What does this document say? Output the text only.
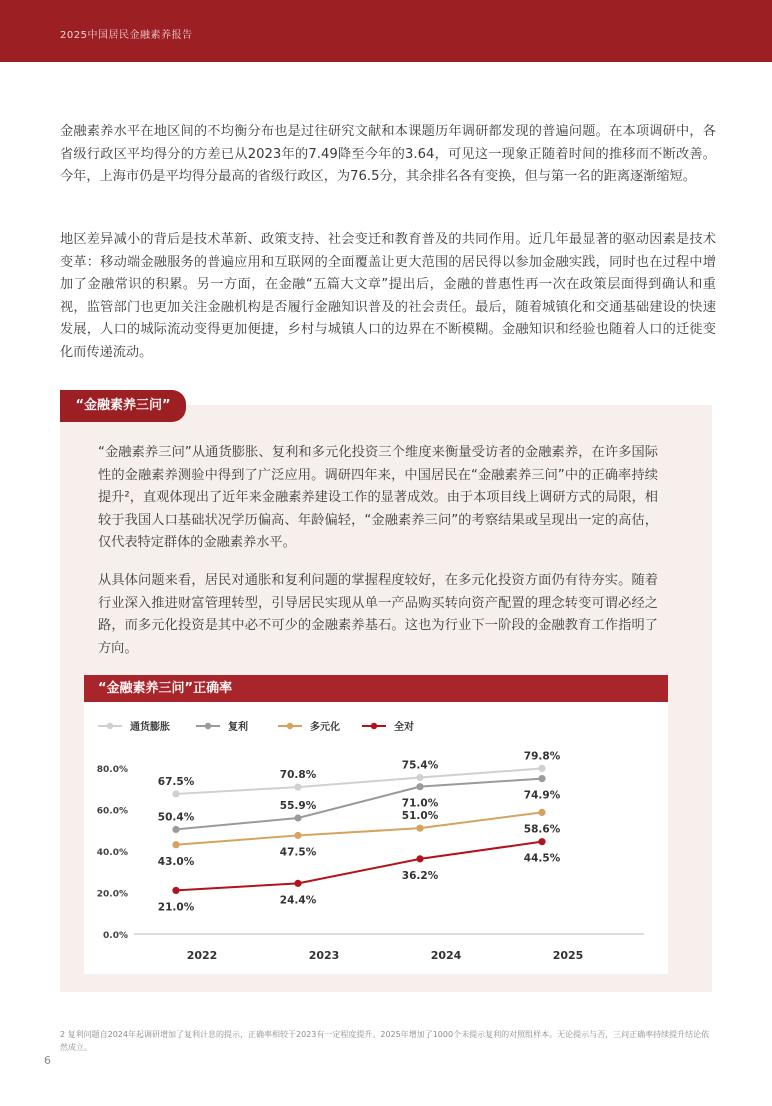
2025中国居民金融素养报告

金融素养水平在地区间的不均衡分布也是过往研究文献和本课题历年调研都发现的普遍问题。在本项调研中，各省级行政区平均得分的方差已从2023年的7.49降至今年的3.64，可见这一现象正随着时间的推移而不断改善。今年，上海市仍是平均得分最高的省级行政区，为76.5分，其余排名各有变换，但与第一名的距离逐渐缩短。

地区差异减小的背后是技术革新、政策支持、社会变迁和教育普及的共同作用。近几年最显著的驱动因素是技术变革：移动端金融服务的普遍应用和互联网的全面覆盖让更大范围的居民得以参加金融实践，同时也在过程中增加了金融常识的积累。另一方面，在金融“五篇大文章”提出后，金融的普惠性再一次在政策层面得到确认和重视，监管部门也更加关注金融机构是否履行金融知识普及的社会责任。最后，随着城镇化和交通基础建设的快速发展，人口的城际流动变得更加便捷，乡村与城镇人口的边界在不断模糊。金融知识和经验也随着人口的迁徙变化而传递流动。

“金融素养三问”

“金融素养三问”从通货膨胀、复利和多元化投资三个维度来衡量受访者的金融素养，在许多国际性的金融素养测验中得到了广泛应用。调研四年来，中国居民在“金融素养三问”中的正确率持续提升²，直观体现出了近年来金融素养建设工作的显著成效。由于本项目线上调研方式的局限，相较于我国人口基础状况学历偏高、年龄偏轻，“金融素养三问”的考察结果或呈现出一定的高估，仅代表特定群体的金融素养水平。

从具体问题来看，居民对通胀和复利问题的掌握程度较好，在多元化投资方面仍有待夯实。随着行业深入推进财富管理转型，引导居民实现从单一产品购买转向资产配置的理念转变可谓必经之路，而多元化投资是其中必不可少的金融素养基石。这也为行业下一阶段的金融教育工作指明了方向。

“金融素养三问”正确率
通货膨胀	复利	多元化	全对
0.0%
20.0%
40.0%
60.0%
80.0%
2022	2023	2024	2025
67.5%
70.8%
75.4%
79.8%
50.4%
55.9%	71.0%
74.9%
43.0%
47.5%
51.0%
58.6%
21.0%
24.4%
36.2%
44.5%
2 复利问题自2024年起调研增加了复利计息的提示，正确率相较于2023有一定程度提升。2025年增加了1000个未提示复利的对照组样本。无论提示与否，三问正确率持续提升结论依然成立。
6
